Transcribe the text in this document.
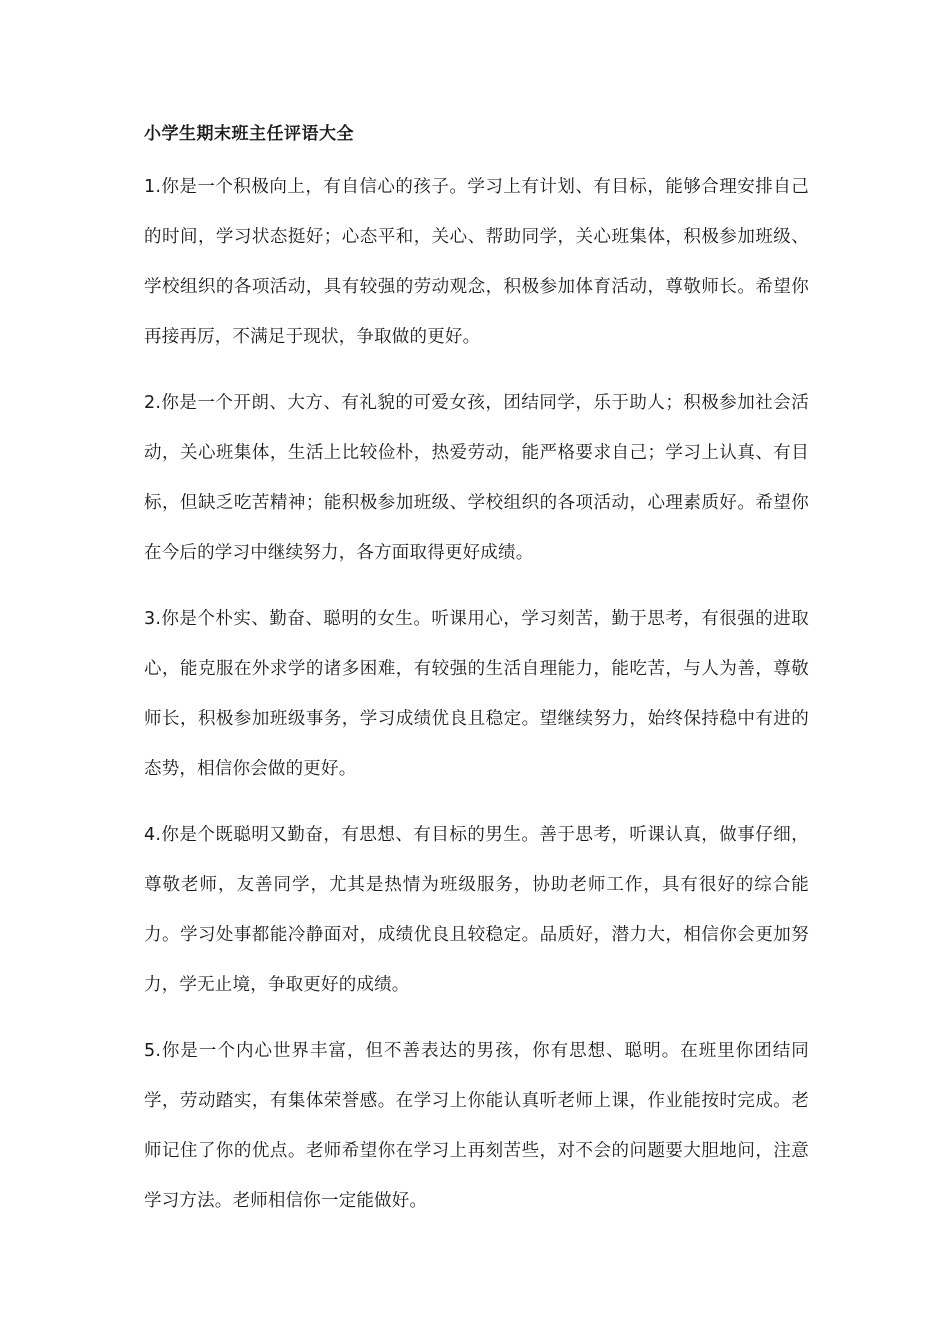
小学生期末班主任评语大全

1.你是一个积极向上，有自信心的孩子。学习上有计划、有目标，能够合理安排自己的时间，学习状态挺好；心态平和，关心、帮助同学，关心班集体，积极参加班级、学校组织的各项活动，具有较强的劳动观念，积极参加体育活动，尊敬师长。希望你再接再厉，不满足于现状，争取做的更好。

2.你是一个开朗、大方、有礼貌的可爱女孩，团结同学，乐于助人；积极参加社会活动，关心班集体，生活上比较俭朴，热爱劳动，能严格要求自己；学习上认真、有目标，但缺乏吃苦精神；能积极参加班级、学校组织的各项活动，心理素质好。希望你在今后的学习中继续努力，各方面取得更好成绩。

3.你是个朴实、勤奋、聪明的女生。听课用心，学习刻苦，勤于思考，有很强的进取心，能克服在外求学的诸多困难，有较强的生活自理能力，能吃苦，与人为善，尊敬师长，积极参加班级事务，学习成绩优良且稳定。望继续努力，始终保持稳中有进的态势，相信你会做的更好。

4.你是个既聪明又勤奋，有思想、有目标的男生。善于思考，听课认真，做事仔细，尊敬老师，友善同学，尤其是热情为班级服务，协助老师工作，具有很好的综合能力。学习处事都能冷静面对，成绩优良且较稳定。品质好，潜力大，相信你会更加努力，学无止境，争取更好的成绩。

5.你是一个内心世界丰富，但不善表达的男孩，你有思想、聪明。在班里你团结同学，劳动踏实，有集体荣誉感。在学习上你能认真听老师上课，作业能按时完成。老师记住了你的优点。老师希望你在学习上再刻苦些，对不会的问题要大胆地问，注意学习方法。老师相信你一定能做好。
